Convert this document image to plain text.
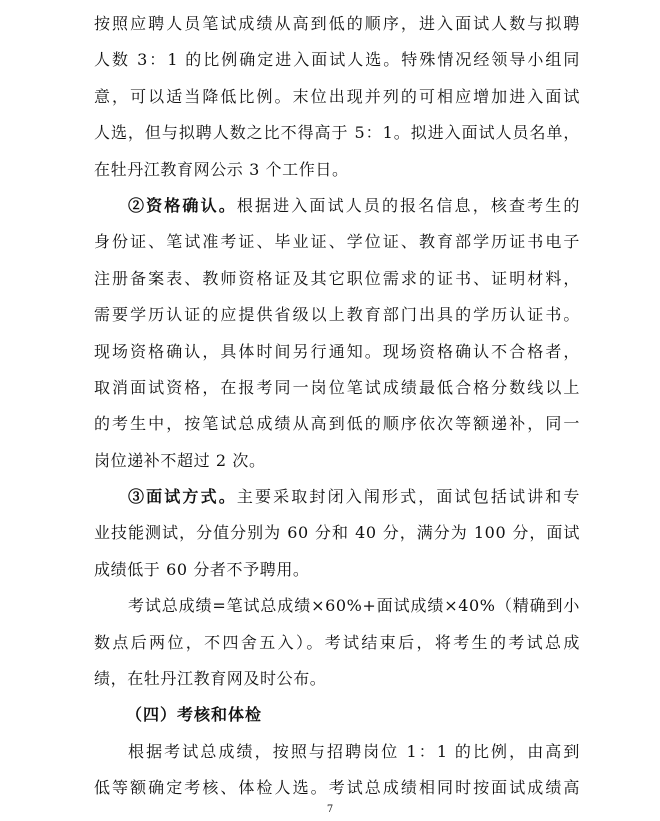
按照应聘人员笔试成绩从高到低的顺序，进入面试人数与拟聘
人数 3：1 的比例确定进入面试人选。特殊情况经领导小组同
意，可以适当降低比例。末位出现并列的可相应增加进入面试
人选，但与拟聘人数之比不得高于 5：1。拟进入面试人员名单，
在牡丹江教育网公示 3 个工作日。
②资格确认。根据进入面试人员的报名信息，核查考生的
身份证、笔试准考证、毕业证、学位证、教育部学历证书电子
注册备案表、教师资格证及其它职位需求的证书、证明材料，
需要学历认证的应提供省级以上教育部门出具的学历认证书。
现场资格确认，具体时间另行通知。现场资格确认不合格者，
取消面试资格，在报考同一岗位笔试成绩最低合格分数线以上
的考生中，按笔试总成绩从高到低的顺序依次等额递补，同一
岗位递补不超过 2 次。
③面试方式。主要采取封闭入闱形式，面试包括试讲和专
业技能测试，分值分别为 60 分和 40 分，满分为 100 分，面试
成绩低于 60 分者不予聘用。
考试总成绩=笔试总成绩×60%+面试成绩×40%（精确到小
数点后两位，不四舍五入）。考试结束后，将考生的考试总成
绩，在牡丹江教育网及时公布。
（四）考核和体检
根据考试总成绩，按照与招聘岗位 1：1 的比例，由高到
低等额确定考核、体检人选。考试总成绩相同时按面试成绩高
7
